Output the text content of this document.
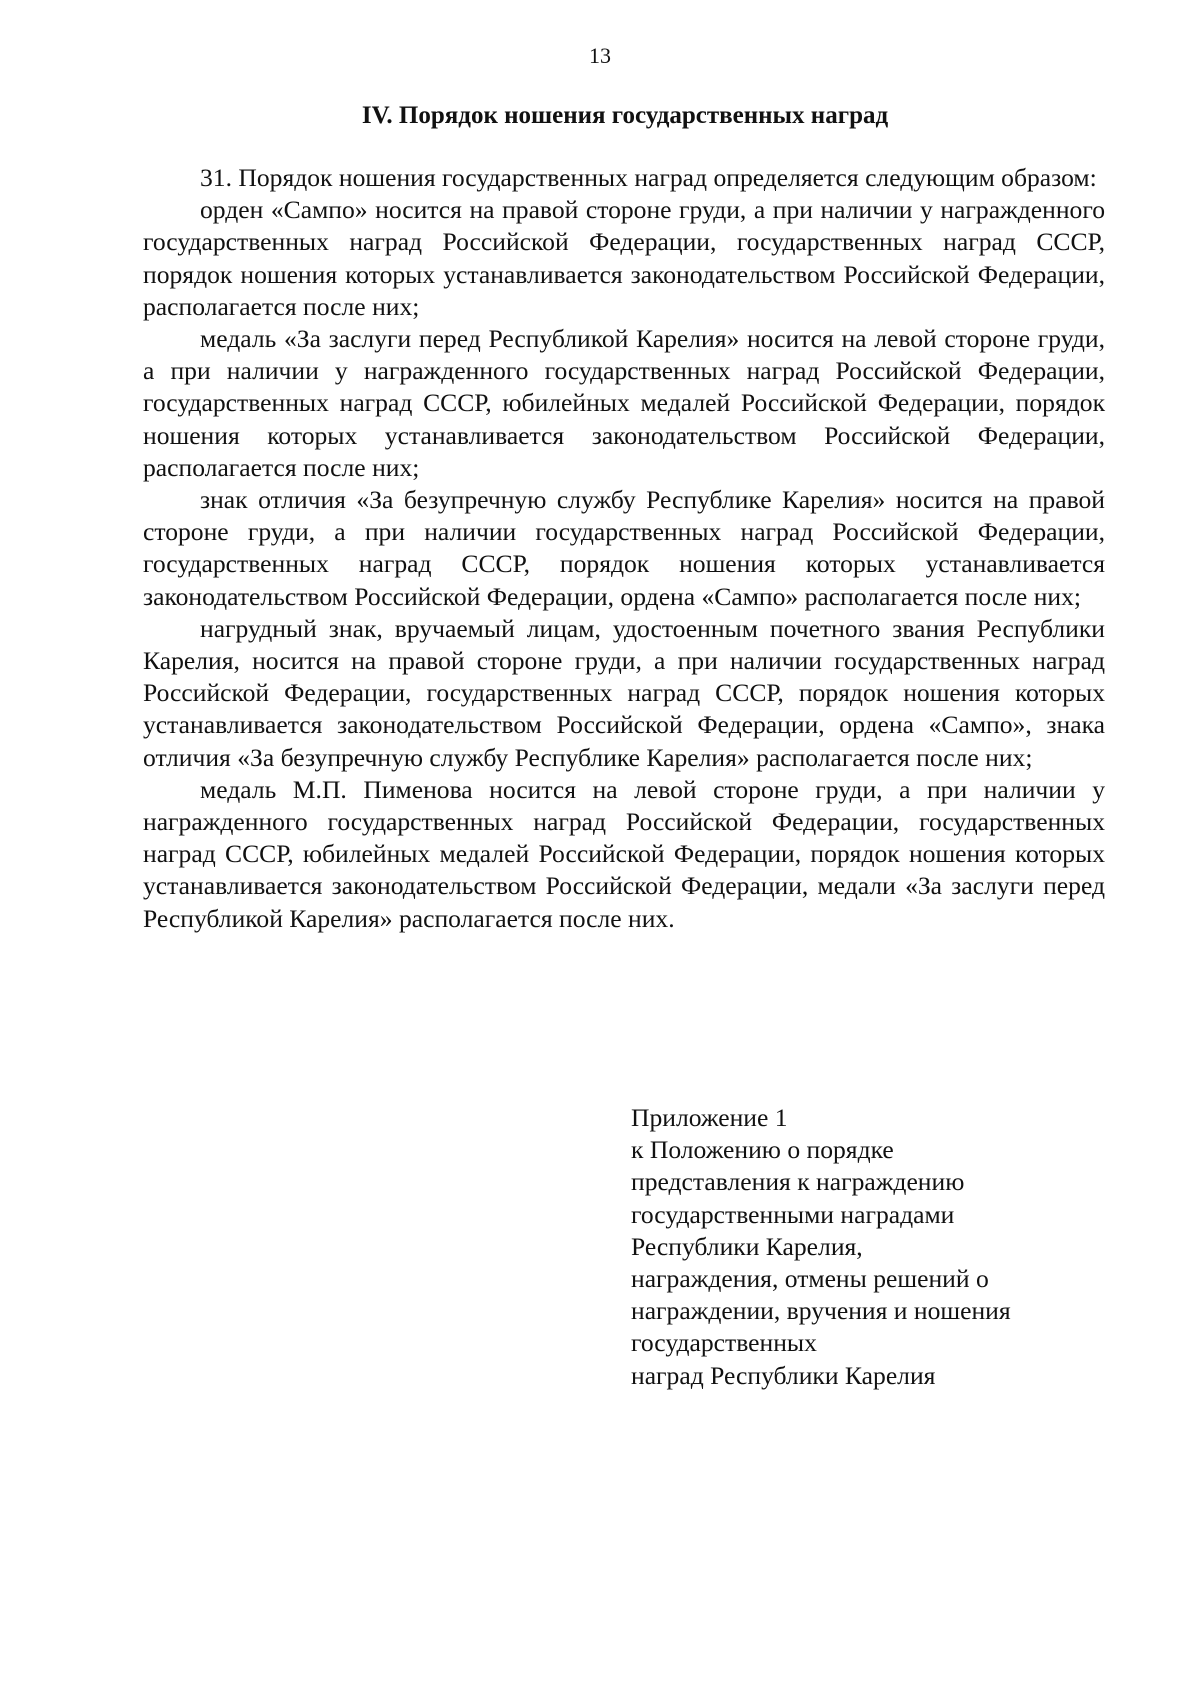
13
IV. Порядок ношения государственных наград

31. Порядок ношения государственных наград определяется следующим образом:

орден «Сампо» носится на правой стороне груди, а при наличии у награжденного государственных наград Российской Федерации, государственных наград СССР, порядок ношения которых устанавливается законодательством Российской Федерации, располагается после них;

медаль «За заслуги перед Республикой Карелия» носится на левой стороне груди, а при наличии у награжденного государственных наград Российской Федерации, государственных наград СССР, юбилейных медалей Российской Федерации, порядок ношения которых устанавливается законодательством Российской Федерации, располагается после них;

знак отличия «За безупречную службу Республике Карелия» носится на правой стороне груди, а при наличии государственных наград Российской Федерации, государственных наград СССР, порядок ношения которых устанавливается законодательством Российской Федерации, ордена «Сампо» располагается после них;

нагрудный знак, вручаемый лицам, удостоенным почетного звания Республики Карелия, носится на правой стороне груди, а при наличии государственных наград Российской Федерации, государственных наград СССР, порядок ношения которых устанавливается законодательством Российской Федерации, ордена «Сампо», знака отличия «За безупречную службу Республике Карелия» располагается после них;

медаль М.П. Пименова носится на левой стороне груди, а при наличии у награжденного государственных наград Российской Федерации, государственных наград СССР, юбилейных медалей Российской Федерации, порядок ношения которых устанавливается законодательством Российской Федерации, медали «За заслуги перед Республикой Карелия» располагается после них.

Приложение 1
к Положению о порядке
представления к награждению
государственными наградами
Республики Карелия,
награждения, отмены решений о
награждении, вручения и ношения
государственных
наград Республики Карелия
